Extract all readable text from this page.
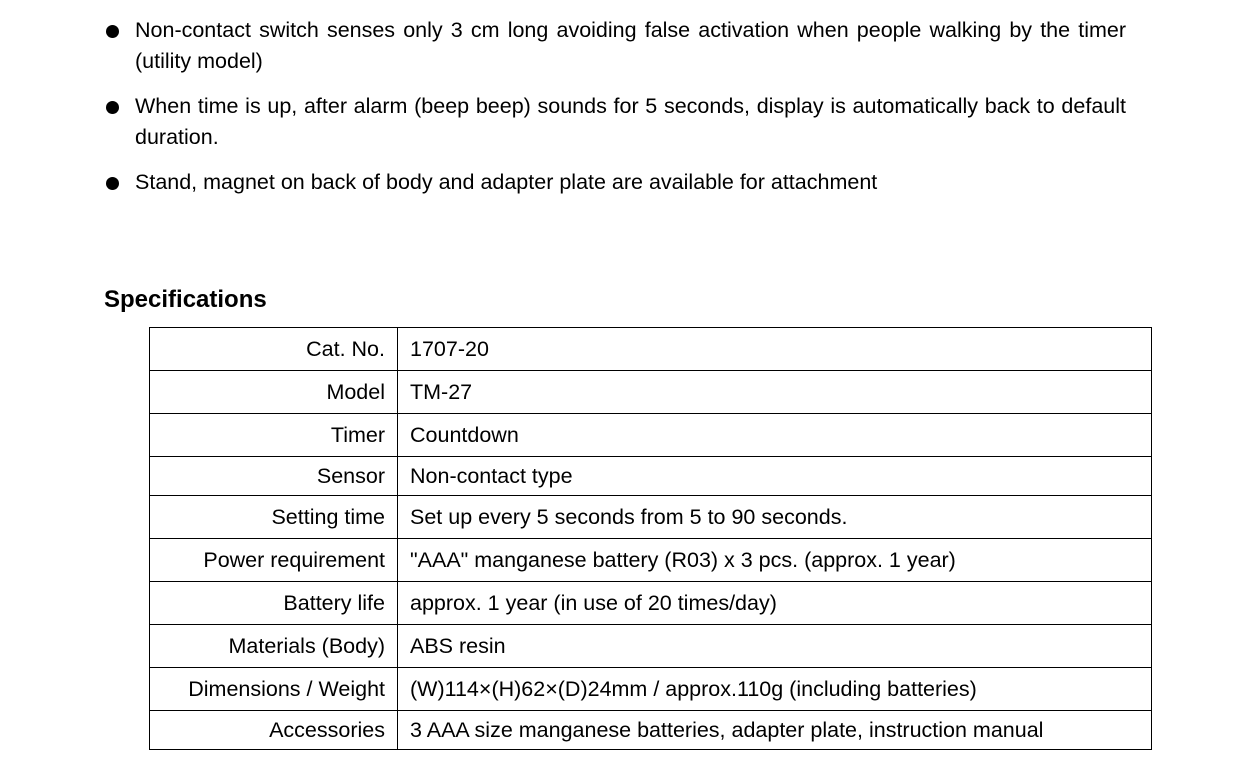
Non-contact switch senses only 3 cm long avoiding false activation when people walking by the timer (utility model)
When time is up, after alarm (beep beep) sounds for 5 seconds, display is automatically back to default duration.
Stand, magnet on back of body and adapter plate are available for attachment
Specifications
Cat. No.	1707-20
Model	TM-27
Timer	Countdown
Sensor	Non-contact type
Setting time	Set up every 5 seconds from 5 to 90 seconds.
Power requirement	"AAA" manganese battery (R03) x 3 pcs. (approx. 1 year)
Battery life	approx. 1 year (in use of 20 times/day)
Materials (Body)	ABS resin
Dimensions / Weight	(W)114×(H)62×(D)24mm / approx.110g (including batteries)
Accessories	3 AAA size manganese batteries, adapter plate, instruction manual
